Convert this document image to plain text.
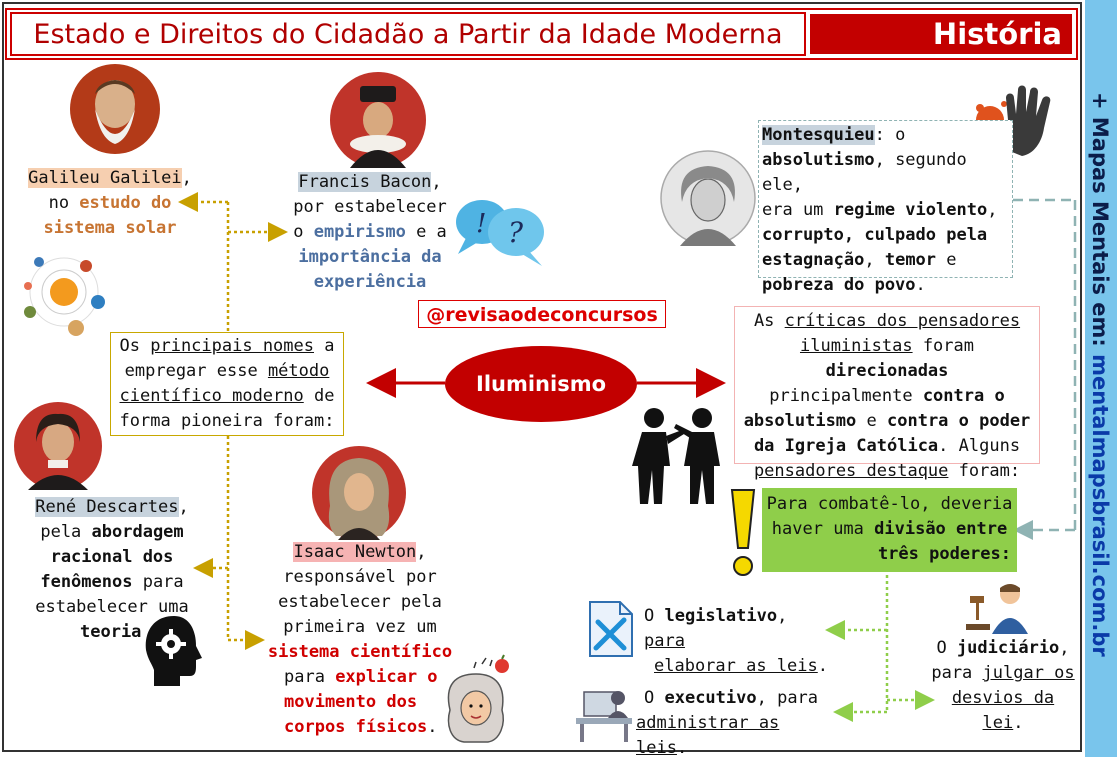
Estado e Direitos do Cidadão a Partir da Idade Moderna	História
+ Mapas Mentais em: mentalmapsbrasil.com.br
@revisaodeconcursos
Iluminismo
Os principais nomes a
empregar esse método
científico moderno de
forma pioneira foram:
Galileu Galilei,
no estudo do
sistema solar
Francis Bacon,
por estabelecer
o empirismo e a
importância da
experiência
! ?
René Descartes,
pela abordagem
racional dos
fenômenos para
estabelecer uma
teoria
Isaac Newton,
responsável por
estabelecer pela
primeira vez um
sistema científico
para explicar o
movimento dos
corpos físicos.
As críticas dos pensadores
iluministas foram direcionadas
principalmente contra o
absolutismo e contra o poder
da Igreja Católica. Alguns
pensadores destaque foram:
Montesquieu: o
absolutismo, segundo ele,
era um regime violento,
corrupto, culpado pela
estagnação, temor e
pobreza do povo.
Para combatê-lo, deveria
haver uma divisão entre
três poderes:
O legislativo, para
elaborar as leis.
O executivo, para
administrar as leis.
O judiciário,
para julgar os
desvios da lei.
